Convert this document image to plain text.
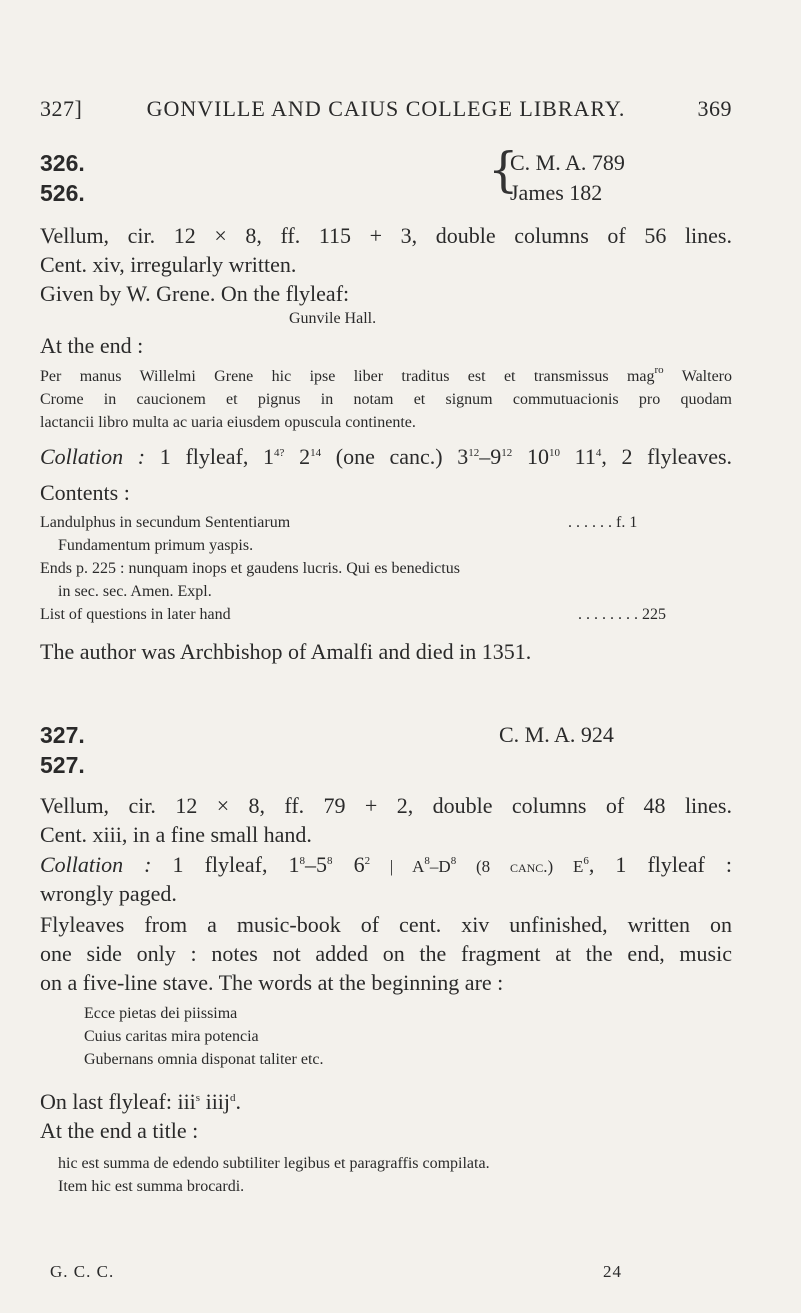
327]	GONVILLE AND CAIUS COLLEGE LIBRARY.	369
326.
526.	{
C. M. A. 789
James 182
Vellum, cir. 12 × 8, ff. 115 + 3, double columns of 56 lines.
Cent. xiv, irregularly written.
Given by W. Grene. On the flyleaf:
Gunvile Hall.
At the end :
Per manus Willelmi Grene hic ipse liber traditus est et transmissus mag$^{ro}$ Waltero
Crome in caucionem et pignus in notam et signum commutuacionis pro quodam
lactancii libro multa ac uaria eiusdem opuscula continente.
Collation : 1 flyleaf, $1^{4?}$ $2^{14}$ (one canc.) $3^{12}-9^{12}$ $10^{10}$ $11^4$, 2 flyleaves.
Contents :
Landulphus in secundum Sententiarum	. . . . . . f. 1
Fundamentum primum yaspis.
Ends p. 225 : nunquam inops et gaudens lucris. Qui es benedictus
in sec. sec. Amen. Expl.
List of questions in later hand	. . . . . . . . 225
The author was Archbishop of Amalfi and died in 1351.
327.
527.
C. M. A. 924
Vellum, cir. 12 × 8, ff. 79 + 2, double columns of 48 lines.
Cent. xiii, in a fine small hand.
Collation : 1 flyleaf, $1^8-5^8$ $6^2$ | $A^8-D^8$ (8 canc.) $E^6$, 1 flyleaf :
wrongly paged.
Flyleaves from a music-book of cent. xiv unfinished, written on
one side only : notes not added on the fragment at the end, music
on a five-line stave. The words at the beginning are :
Ecce pietas dei piissima
Cuius caritas mira potencia
Gubernans omnia disponat taliter etc.
On last flyleaf: iii$^s$ iiij$^d$.
At the end a title :
hic est summa de edendo subtiliter legibus et paragraffis compilata.
Item hic est summa brocardi.
G. C. C.	24
